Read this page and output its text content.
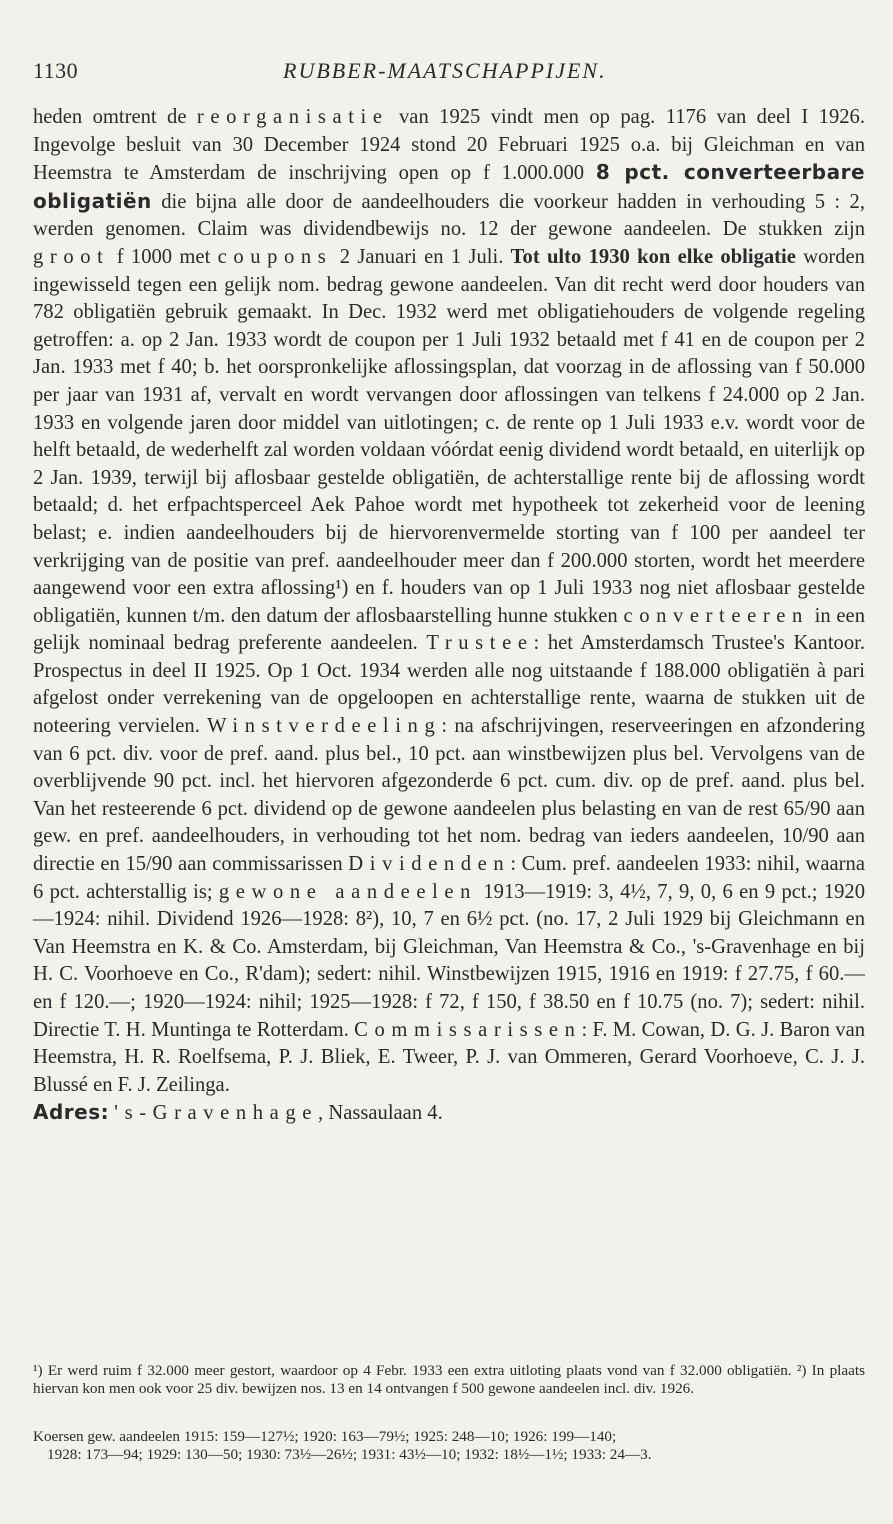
1130	RUBBER-MAATSCHAPPIJEN.
heden omtrent de reorganisatie van 1925 vindt men op pag. 1176 van deel I 1926. Ingevolge besluit van 30 December 1924 stond 20 Februari 1925 o.a. bij Gleichman en van Heemstra te Amsterdam de inschrijving open op f 1.000.000 8 pct. converteerbare obligatiën die bijna alle door de aandeelhouders die voorkeur hadden in verhouding 5 : 2, werden genomen. Claim was dividendbewijs no. 12 der gewone aandeelen. De stukken zijn groot f 1000 met coupons 2 Januari en 1 Juli. Tot ulto 1930 kon elke obligatie worden ingewisseld tegen een gelijk nom. bedrag gewone aandeelen. Van dit recht werd door houders van 782 obligatiën gebruik gemaakt. In Dec. 1932 werd met obligatiehouders de volgende regeling getroffen: a. op 2 Jan. 1933 wordt de coupon per 1 Juli 1932 betaald met f 41 en de coupon per 2 Jan. 1933 met f 40; b. het oorspronkelijke aflossingsplan, dat voorzag in de aflossing van f 50.000 per jaar van 1931 af, vervalt en wordt vervangen door aflossingen van telkens f 24.000 op 2 Jan. 1933 en volgende jaren door middel van uitlotingen; c. de rente op 1 Juli 1933 e.v. wordt voor de helft betaald, de wederhelft zal worden voldaan vóórdat eenig dividend wordt betaald, en uiterlijk op 2 Jan. 1939, terwijl bij aflosbaar gestelde obligatiën, de achterstallige rente bij de aflossing wordt betaald; d. het erfpachtsperceel Aek Pahoe wordt met hypotheek tot zekerheid voor de leening belast; e. indien aandeelhouders bij de hiervorenvermelde storting van f 100 per aandeel ter verkrijging van de positie van pref. aandeelhouder meer dan f 200.000 storten, wordt het meerdere aangewend voor een extra aflossing¹) en f. houders van op 1 Juli 1933 nog niet aflosbaar gestelde obligatiën, kunnen t/m. den datum der aflosbaarstelling hunne stukken converteeren in een gelijk nominaal bedrag preferente aandeelen. Trustee: het Amsterdamsch Trustee's Kantoor. Prospectus in deel II 1925. Op 1 Oct. 1934 werden alle nog uitstaande f 188.000 obligatiën à pari afgelost onder verrekening van de opgeloopen en achterstallige rente, waarna de stukken uit de noteering vervielen. Winstverdeeling: na afschrijvingen, reserveeringen en afzondering van 6 pct. div. voor de pref. aand. plus bel., 10 pct. aan winstbewijzen plus bel. Vervolgens van de overblijvende 90 pct. incl. het hiervoren afgezonderde 6 pct. cum. div. op de pref. aand. plus bel. Van het resteerende 6 pct. dividend op de gewone aandeelen plus belasting en van de rest 65/90 aan gew. en pref. aandeelhouders, in verhouding tot het nom. bedrag van ieders aandeelen, 10/90 aan directie en 15/90 aan commissarissen Dividenden: Cum. pref. aandeelen 1933: nihil, waarna 6 pct. achterstallig is; gewone aandeelen 1913—1919: 3, 4½, 7, 9, 0, 6 en 9 pct.; 1920—1924: nihil. Dividend 1926—1928: 8²), 10, 7 en 6½ pct. (no. 17, 2 Juli 1929 bij Gleichmann en Van Heemstra en K. & Co. Amsterdam, bij Gleichman, Van Heemstra & Co., 's-Gravenhage en bij H. C. Voorhoeve en Co., R'dam); sedert: nihil. Winstbewijzen 1915, 1916 en 1919: f 27.75, f 60.— en f 120.—; 1920—1924: nihil; 1925—1928: f 72, f 150, f 38.50 en f 10.75 (no. 7); sedert: nihil. Directie T. H. Muntinga te Rotterdam. Commissarissen: F. M. Cowan, D. G. J. Baron van Heemstra, H. R. Roelfsema, P. J. Bliek, E. Tweer, P. J. van Ommeren, Gerard Voorhoeve, C. J. J. Blussé en F. J. Zeilinga.
Adres: 's-Gravenhage, Nassaulaan 4.
¹) Er werd ruim f 32.000 meer gestort, waardoor op 4 Febr. 1933 een extra uitloting plaats vond van f 32.000 obligatiën. ²) In plaats hiervan kon men ook voor 25 div. bewijzen nos. 13 en 14 ontvangen f 500 gewone aandeelen incl. div. 1926.
Koersen gew. aandeelen 1915: 159—127½; 1920: 163—79½; 1925: 248—10; 1926: 199—140;
1928: 173—94; 1929: 130—50; 1930: 73½—26½; 1931: 43½—10; 1932: 18½—1½; 1933: 24—3.
